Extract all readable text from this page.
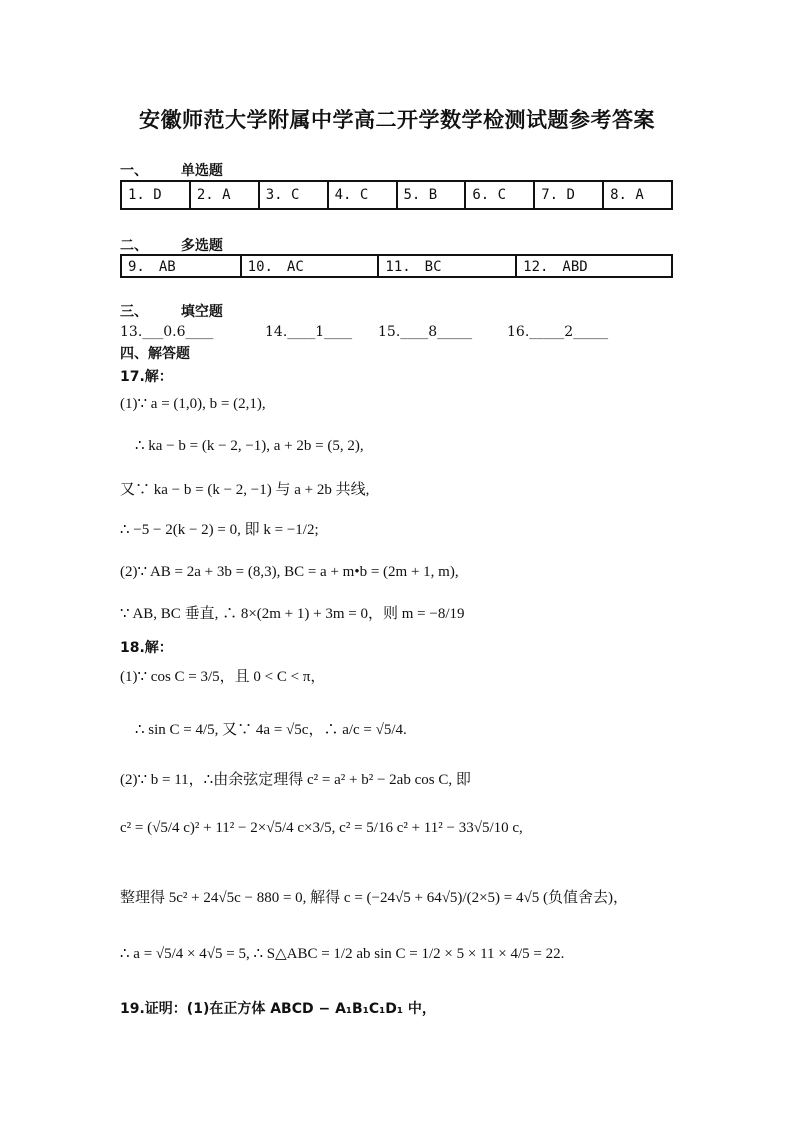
安徽师范大学附属中学高二开学数学检测试题参考答案
一、 单选题
1. D	2. A	3. C	4. C	5. B	6. C	7. D	8. A
二、 多选题
9.　AB	10.　AC	11.　BC	12.　ABD
三、 填空题
13.___0.6____	14.____1____ 15.____8_____ 16._____2_____
四、解答题
17.解：
(1)∵ a = (1,0), b = (2,1),
∴ ka − b = (k − 2, −1), a + 2b = (5, 2),
又∵ ka − b = (k − 2, −1) 与 a + 2b 共线,
∴ −5 − 2(k − 2) = 0, 即 k = −1/2;
(2)∵ AB = 2a + 3b = (8,3), BC = a + m•b = (2m + 1, m),
∵ AB, BC 垂直, ∴ 8×(2m + 1) + 3m = 0，则 m = −8/19
18.解：
(1)∵ cos C = 3/5，且 0 < C < π，
∴ sin C = 4/5, 又∵ 4a = √5c，∴ a/c = √5/4.
(2)∵ b = 11，∴由余弦定理得 c² = a² + b² − 2ab cos C, 即
c² = (√5/4 c)² + 11² − 2×√5/4 c×3/5, c² = 5/16 c² + 11² − 33√5/10 c,
整理得 5c² + 24√5c − 880 = 0, 解得 c = (−24√5 + 64√5)/(2×5) = 4√5 (负值舍去)，
∴ a = √5/4 × 4√5 = 5, ∴ S△ABC = 1/2 ab sin C = 1/2 × 5 × 11 × 4/5 = 22.
19.证明：(1)在正方体 ABCD − A₁B₁C₁D₁ 中，
